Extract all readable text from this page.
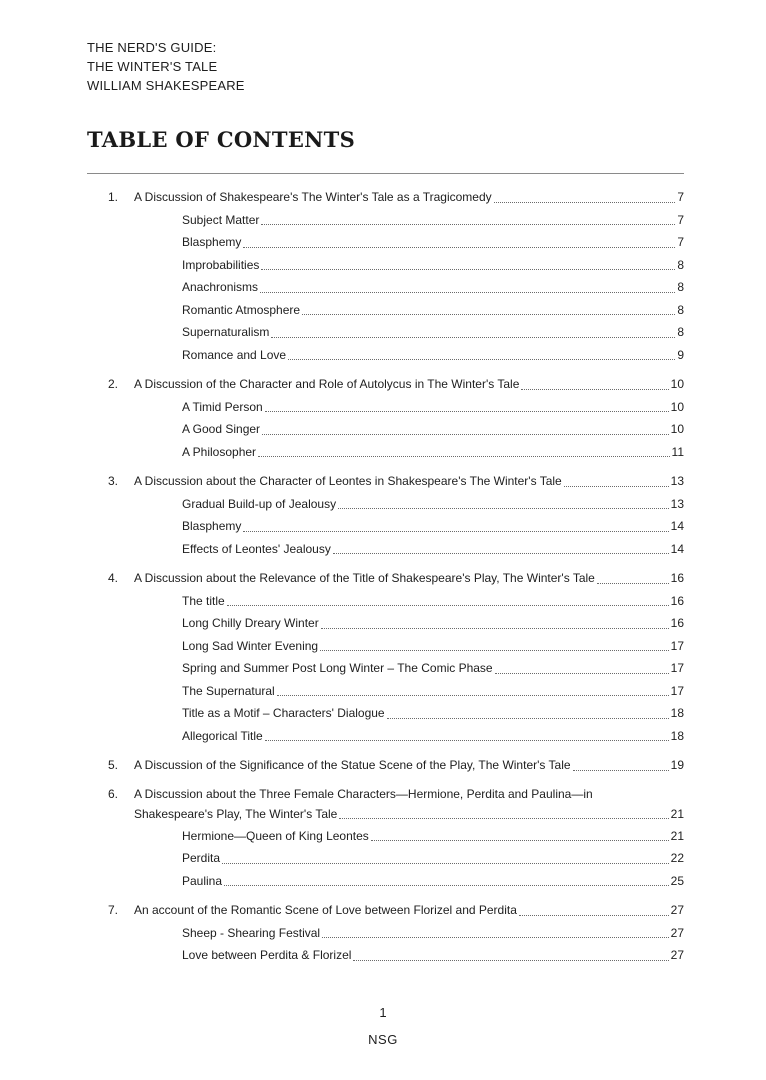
THE NERD'S GUIDE:
THE WINTER'S TALE
WILLIAM SHAKESPEARE
TABLE OF CONTENTS
1.	A Discussion of Shakespeare's The Winter's Tale as a Tragicomedy	7
Subject Matter	7
Blasphemy	7
Improbabilities	8
Anachronisms	8
Romantic Atmosphere	8
Supernaturalism	8
Romance and Love	9
2.	A Discussion of the Character and Role of Autolycus in The Winter's Tale	10
A Timid Person	10
A Good Singer	10
A Philosopher	11
3.	A Discussion about the Character of Leontes in Shakespeare's The Winter's Tale	13
Gradual Build-up of Jealousy	13
Blasphemy	14
Effects of Leontes' Jealousy	14
4.	A Discussion about the Relevance of the Title of Shakespeare's Play, The Winter's Tale	16
The title	16
Long Chilly Dreary Winter	16
Long Sad Winter Evening	17
Spring and Summer Post Long Winter – The Comic Phase	17
The Supernatural	17
Title as a Motif – Characters' Dialogue	18
Allegorical Title	18
5.	A Discussion of the Significance of the Statue Scene of the Play, The Winter's Tale	19
6.	A Discussion about the Three Female Characters—Hermione, Perdita and Paulina—in
Shakespeare's Play, The Winter's Tale	21
Hermione—Queen of King Leontes	21
Perdita	22
Paulina	25
7.	An account of the Romantic Scene of Love between Florizel and Perdita	27
Sheep - Shearing Festival	27
Love between Perdita & Florizel	27
1
NSG
